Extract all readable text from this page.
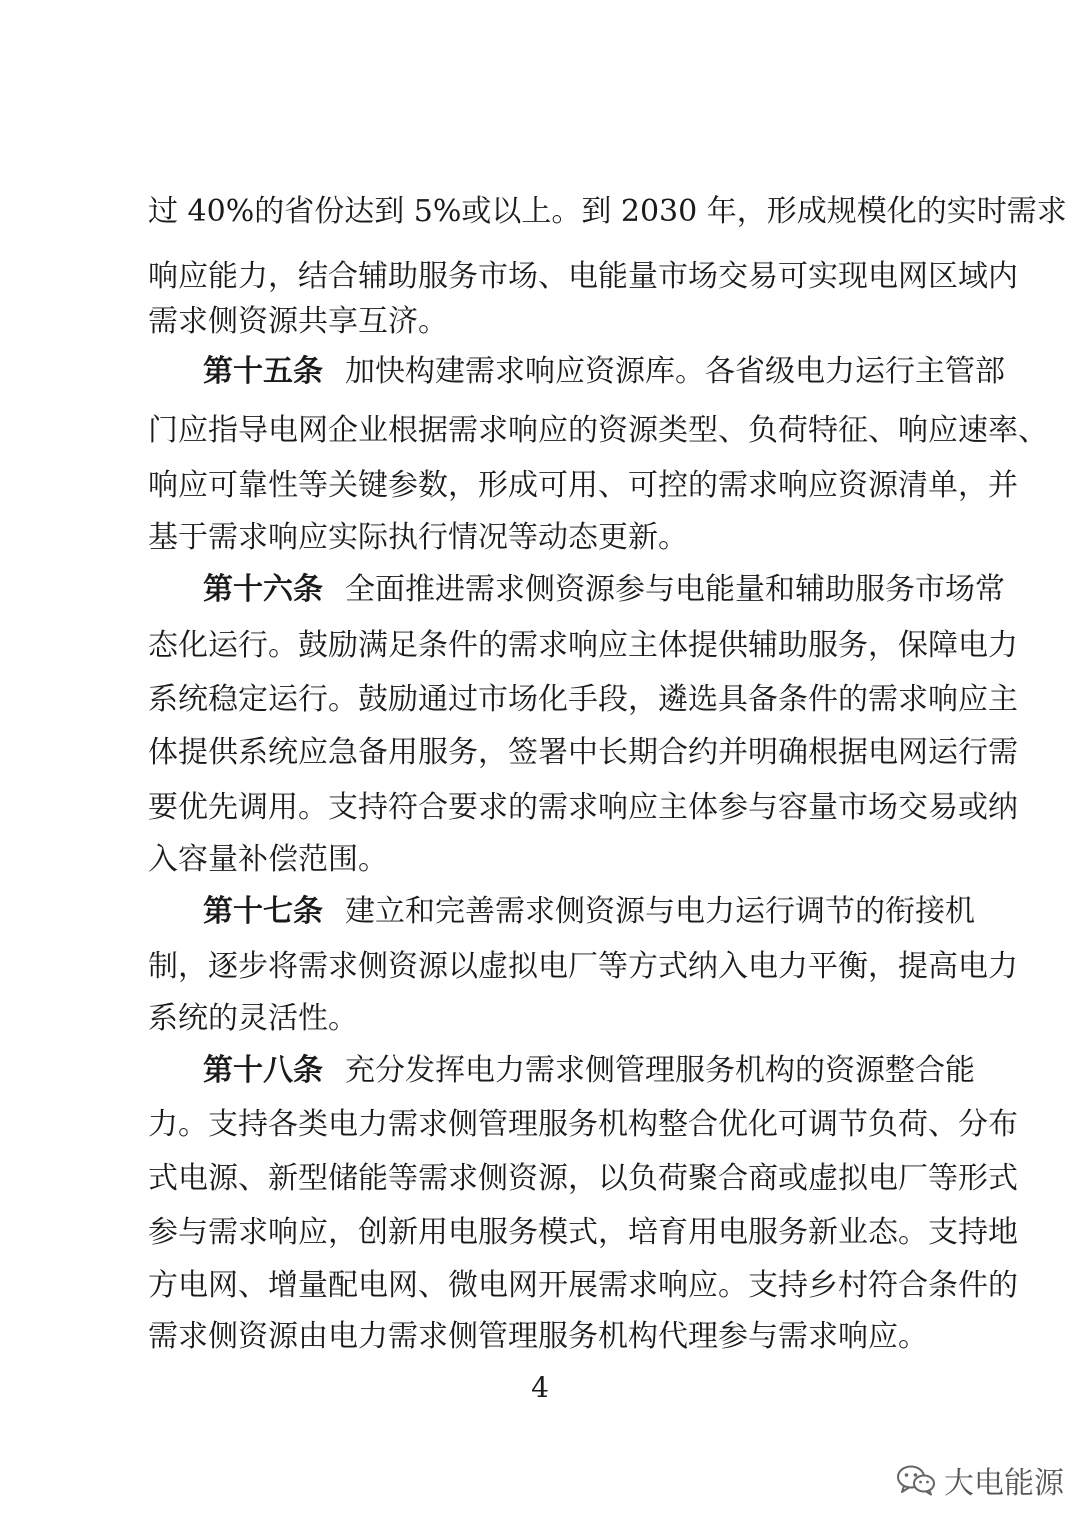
过 40%的省份达到 5%或以上。到 2030 年，形成规模化的实时需求
响应能力，结合辅助服务市场、电能量市场交易可实现电网区域内
需求侧资源共享互济。
第十五条 加快构建需求响应资源库。各省级电力运行主管部
门应指导电网企业根据需求响应的资源类型、负荷特征、响应速率、
响应可靠性等关键参数，形成可用、可控的需求响应资源清单，并
基于需求响应实际执行情况等动态更新。
第十六条 全面推进需求侧资源参与电能量和辅助服务市场常
态化运行。鼓励满足条件的需求响应主体提供辅助服务，保障电力
系统稳定运行。鼓励通过市场化手段，遴选具备条件的需求响应主
体提供系统应急备用服务，签署中长期合约并明确根据电网运行需
要优先调用。支持符合要求的需求响应主体参与容量市场交易或纳
入容量补偿范围。
第十七条 建立和完善需求侧资源与电力运行调节的衔接机
制，逐步将需求侧资源以虚拟电厂等方式纳入电力平衡，提高电力
系统的灵活性。
第十八条 充分发挥电力需求侧管理服务机构的资源整合能
力。支持各类电力需求侧管理服务机构整合优化可调节负荷、分布
式电源、新型储能等需求侧资源，以负荷聚合商或虚拟电厂等形式
参与需求响应，创新用电服务模式，培育用电服务新业态。支持地
方电网、增量配电网、微电网开展需求响应。支持乡村符合条件的
需求侧资源由电力需求侧管理服务机构代理参与需求响应。
4
大电能源
